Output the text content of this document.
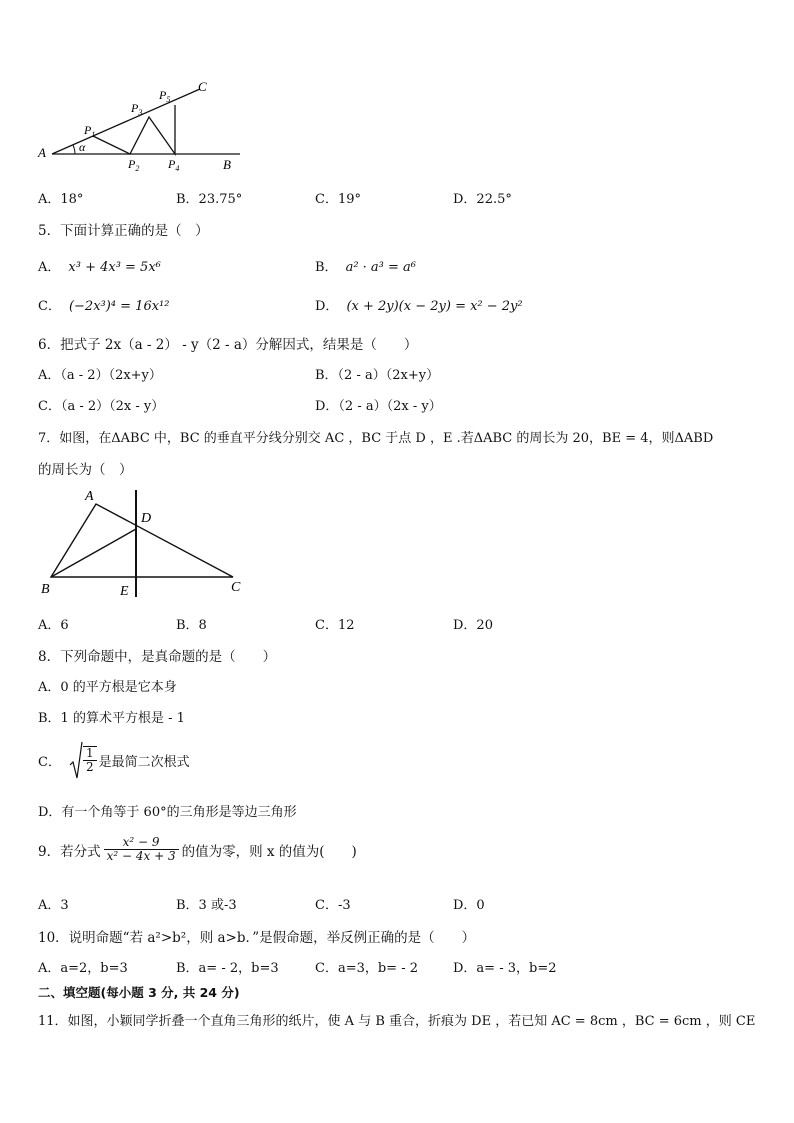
A
B
C
α
$P_1$
$P_2$
$P_3$
$P_4$
$P_5$
A．18°	B．23.75°	C．19°	D．22.5°
5．下面计算正确的是（　）
A． x³ + 4x³ = 5x⁶	B． a² · a³ = a⁶
C． (−2x³)⁴ = 16x¹²	D． (x + 2y)(x − 2y) = x² − 2y²
6．把式子 2x（a - 2） - y（2 - a）分解因式，结果是（　　）
A．（a - 2）（2x+y）	B．（2 - a）（2x+y）
C．（a - 2）（2x - y）	D．（2 - a）（2x - y）
7．如图，在ΔABC 中，BC 的垂直平分线分别交 AC ，BC 于点 D ，E .若ΔABC 的周长为 20，BE = 4，则ΔABD
的周长为（　）
A
B	C
D
E
A．6	B．8	C．12	D．20
8．下列命题中，是真命题的是（　　）
A．0 的平方根是它本身
B．1 的算术平方根是 - 1
C． $\frac{1}{2}$ 是最简二次根式
D．有一个角等于 60°的三角形是等边三角形
9．若分式 $\frac{\text{x² − 9}}{\text{x² − 4x + 3}}$ 的值为零，则 x 的值为(　　)
A．3	B．3 或-3	C．-3	D．0
10．说明命题“若 a²>b²，则 a>b．”是假命题，举反例正确的是（　　）
A．a=2，b=3	B．a= - 2，b=3	C．a=3，b= - 2	D．a= - 3，b=2
二、填空题(每小题 3 分, 共 24 分)
11．如图，小颖同学折叠一个直角三角形的纸片，使 A 与 B 重合，折痕为 DE ，若已知 AC = 8cm ，BC = 6cm ，则 CE
